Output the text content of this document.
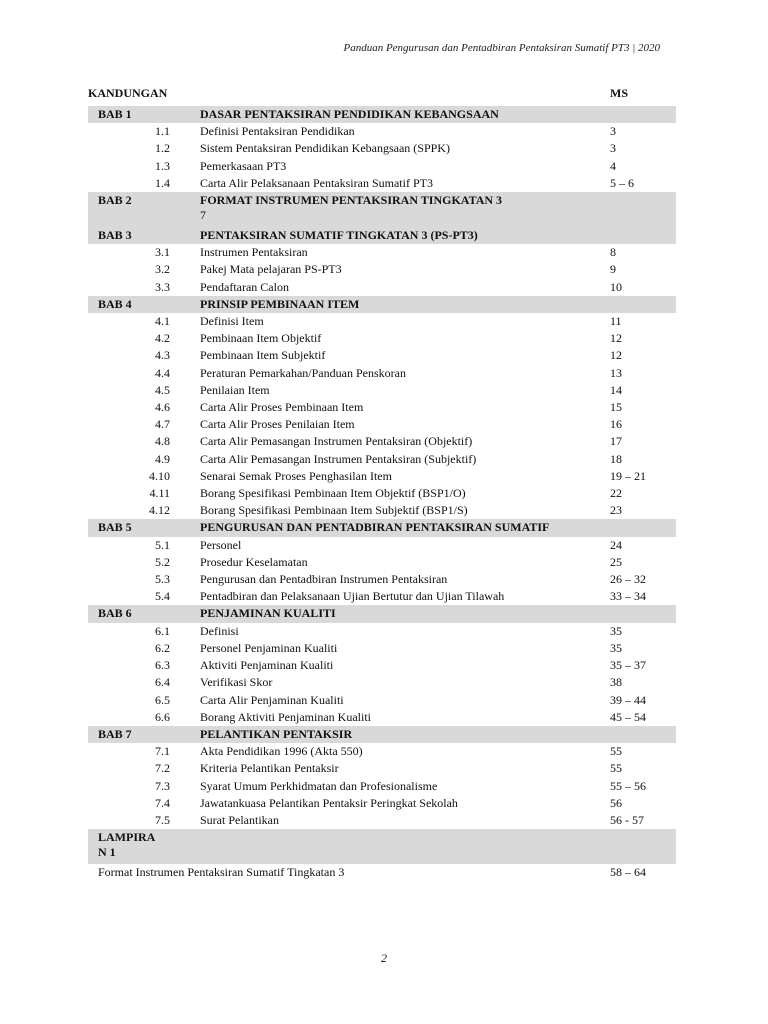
Panduan Pengurusan dan Pentadbiran Pentaksiran Sumatif PT3 | 2020
KANDUNGAN		MS
BAB 1	DASAR PENTAKSIRAN PENDIDIKAN KEBANGSAAN	
1.1	Definisi Pentaksiran Pendidikan	3
1.2	Sistem Pentaksiran Pendidikan Kebangsaan (SPPK)	3
1.3	Pemerkasaan PT3	4
1.4	Carta Alir Pelaksanaan Pentaksiran Sumatif PT3	5 – 6
BAB 2	FORMAT INSTRUMEN PENTAKSIRAN TINGKATAN 3
7	

BAB 3	PENTAKSIRAN SUMATIF TINGKATAN 3 (PS-PT3)	
3.1	Instrumen Pentaksiran	8
3.2	Pakej Mata pelajaran PS-PT3	9
3.3	Pendaftaran Calon	10
BAB 4	PRINSIP PEMBINAAN ITEM	
4.1	Definisi Item	11
4.2	Pembinaan Item Objektif	12
4.3	Pembinaan Item Subjektif	12
4.4	Peraturan Pemarkahan/Panduan Penskoran	13
4.5	Penilaian Item	14
4.6	Carta Alir Proses Pembinaan Item	15
4.7	Carta Alir Proses Penilaian Item	16
4.8	Carta Alir Pemasangan Instrumen Pentaksiran (Objektif)	17
4.9	Carta Alir Pemasangan Instrumen Pentaksiran (Subjektif)	18
4.10	Senarai Semak Proses Penghasilan Item	19 – 21
4.11	Borang Spesifikasi Pembinaan Item Objektif (BSP1/O)	22
4.12	Borang Spesifikasi Pembinaan Item Subjektif (BSP1/S)	23
BAB 5	PENGURUSAN DAN PENTADBIRAN PENTAKSIRAN SUMATIF	
5.1	Personel	24
5.2	Prosedur Keselamatan	25
5.3	Pengurusan dan Pentadbiran Instrumen Pentaksiran	26 – 32
5.4	Pentadbiran dan Pelaksanaan Ujian Bertutur dan Ujian Tilawah	33 – 34
BAB 6	PENJAMINAN KUALITI	
6.1	Definisi	35
6.2	Personel Penjaminan Kualiti	35
6.3	Aktiviti Penjaminan Kualiti	35 – 37
6.4	Verifikasi Skor	38
6.5	Carta Alir Penjaminan Kualiti	39 – 44
6.6	Borang Aktiviti Penjaminan Kualiti	45 – 54
BAB 7	PELANTIKAN PENTAKSIR	
7.1	Akta Pendidikan 1996 (Akta 550)	55
7.2	Kriteria Pelantikan Pentaksir	55
7.3	Syarat Umum Perkhidmatan dan Profesionalisme	55 – 56
7.4	Jawatankuasa Pelantikan Pentaksir Peringkat Sekolah	56
7.5	Surat Pelantikan	56 - 57
LAMPIRA
N 1		
Format Instrumen Pentaksiran Sumatif Tingkatan 3		58 – 64
2
